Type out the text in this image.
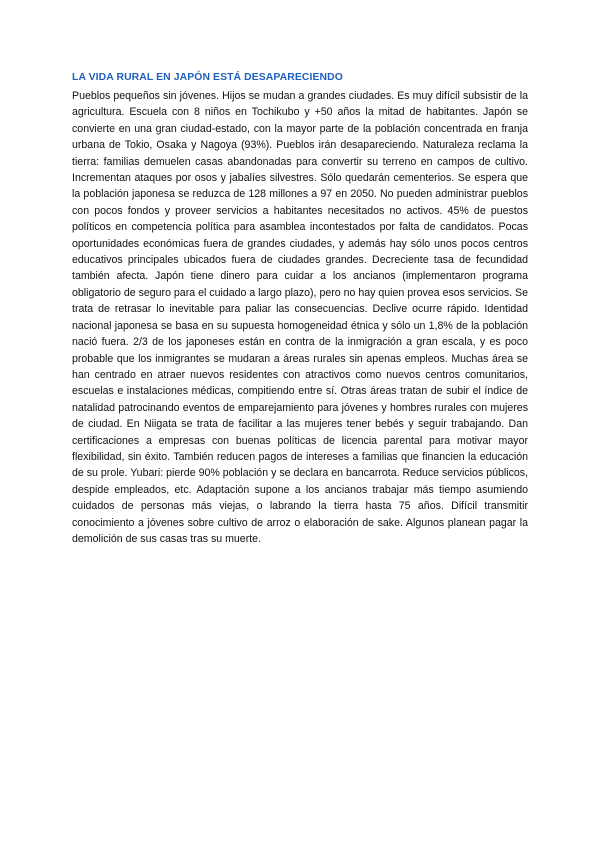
LA VIDA RURAL EN JAPÓN ESTÁ DESAPARECIENDO

Pueblos pequeños sin jóvenes. Hijos se mudan a grandes ciudades. Es muy difícil subsistir de la agricultura. Escuela con 8 niños en Tochikubo y +50 años la mitad de habitantes. Japón se convierte en una gran ciudad-estado, con la mayor parte de la población concentrada en franja urbana de Tokio, Osaka y Nagoya (93%). Pueblos irán desapareciendo. Naturaleza reclama la tierra: familias demuelen casas abandonadas para convertir su terreno en campos de cultivo. Incrementan ataques por osos y jabalíes silvestres. Sólo quedarán cementerios. Se espera que la población japonesa se reduzca de 128 millones a 97 en 2050. No pueden administrar pueblos con pocos fondos y proveer servicios a habitantes necesitados no activos. 45% de puestos políticos en competencia política para asamblea incontestados por falta de candidatos. Pocas oportunidades económicas fuera de grandes ciudades, y además hay sólo unos pocos centros educativos principales ubicados fuera de ciudades grandes. Decreciente tasa de fecundidad también afecta. Japón tiene dinero para cuidar a los ancianos (implementaron programa obligatorio de seguro para el cuidado a largo plazo), pero no hay quien provea esos servicios. Se trata de retrasar lo inevitable para paliar las consecuencias. Declive ocurre rápido. Identidad nacional japonesa se basa en su supuesta homogeneidad étnica y sólo un 1,8% de la población nació fuera. 2/3 de los japoneses están en contra de la inmigración a gran escala, y es poco probable que los inmigrantes se mudaran a áreas rurales sin apenas empleos. Muchas área se han centrado en atraer nuevos residentes con atractivos como nuevos centros comunitarios, escuelas e instalaciones médicas, compitiendo entre sí. Otras áreas tratan de subir el índice de natalidad patrocinando eventos de emparejamiento para jóvenes y hombres rurales con mujeres de ciudad. En Niigata se trata de facilitar a las mujeres tener bebés y seguir trabajando. Dan certificaciones a empresas con buenas políticas de licencia parental para motivar mayor flexibilidad, sin éxito. También reducen pagos de intereses a familias que financien la educación de su prole. Yubari: pierde 90% población y se declara en bancarrota. Reduce servicios públicos, despide empleados, etc. Adaptación supone a los ancianos trabajar más tiempo asumiendo cuidados de personas más viejas, o labrando la tierra hasta 75 años. Difícil transmitir conocimiento a jóvenes sobre cultivo de arroz o elaboración de sake. Algunos planean pagar la demolición de sus casas tras su muerte.
